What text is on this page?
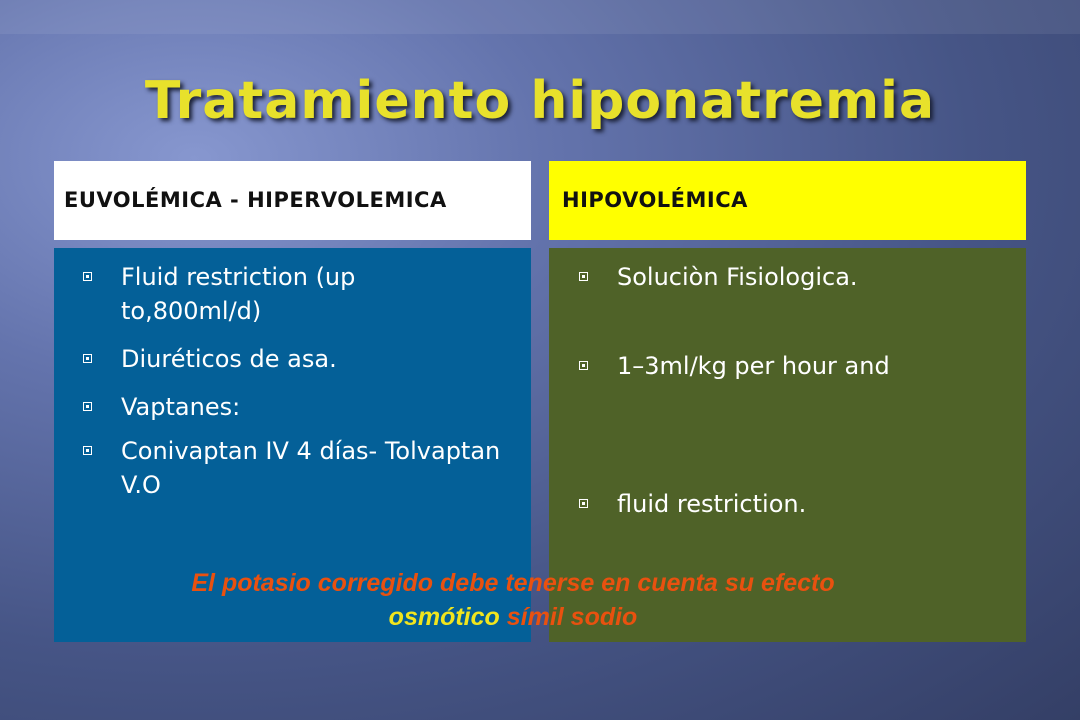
Tratamiento hiponatremia
EUVOLÉMICA - HIPERVOLEMICA	HIPOVOLÉMICA
Fluid restriction (up to,800ml/d)
Diuréticos de asa.
Vaptanes:
Conivaptan IV 4 días- Tolvaptan V.O
Soluciòn Fisiologica.
1–3ml/kg per hour and
fluid restriction.
El potasio corregido debe tenerse en cuenta su efecto
osmótico símil sodio
